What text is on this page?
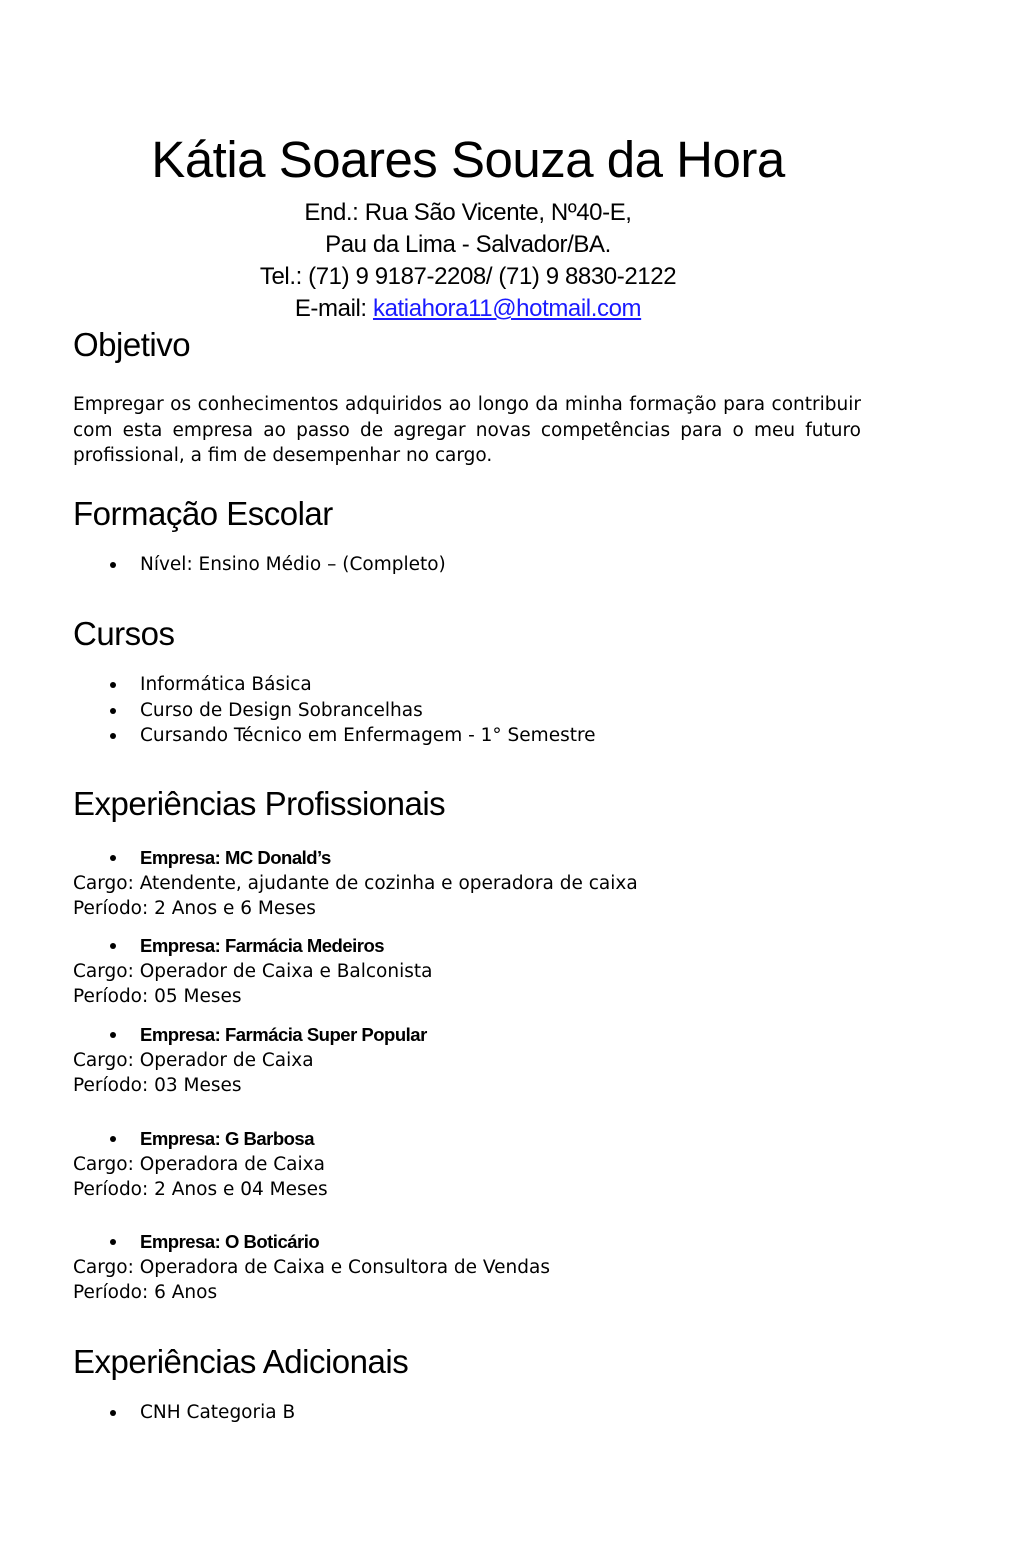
Kátia Soares Souza da Hora
End.: Rua São Vicente, Nº40-E,
Pau da Lima - Salvador/BA.
Tel.: (71) 9 9187-2208/ (71) 9 8830-2122
E-mail: katiahora11@hotmail.com
Objetivo

Empregar os conhecimentos adquiridos ao longo da minha formação para contribuir com esta empresa ao passo de agregar novas competências para o meu futuro profissional, a fim de desempenhar no cargo.

Formação Escolar
Nível: Ensino Médio – (Completo)
Cursos
Informática Básica
Curso de Design Sobrancelhas
Cursando Técnico em Enfermagem - 1° Semestre
Experiências Profissionais
Empresa: MC Donald’s
Cargo: Atendente, ajudante de cozinha e operadora de caixa
Período: 2 Anos e 6 Meses
Empresa: Farmácia Medeiros
Cargo: Operador de Caixa e Balconista
Período: 05 Meses
Empresa: Farmácia Super Popular
Cargo: Operador de Caixa
Período: 03 Meses
Empresa: G Barbosa
Cargo: Operadora de Caixa
Período: 2 Anos e 04 Meses
Empresa: O Boticário
Cargo: Operadora de Caixa e Consultora de Vendas
Período: 6 Anos
Experiências Adicionais
CNH Categoria B
